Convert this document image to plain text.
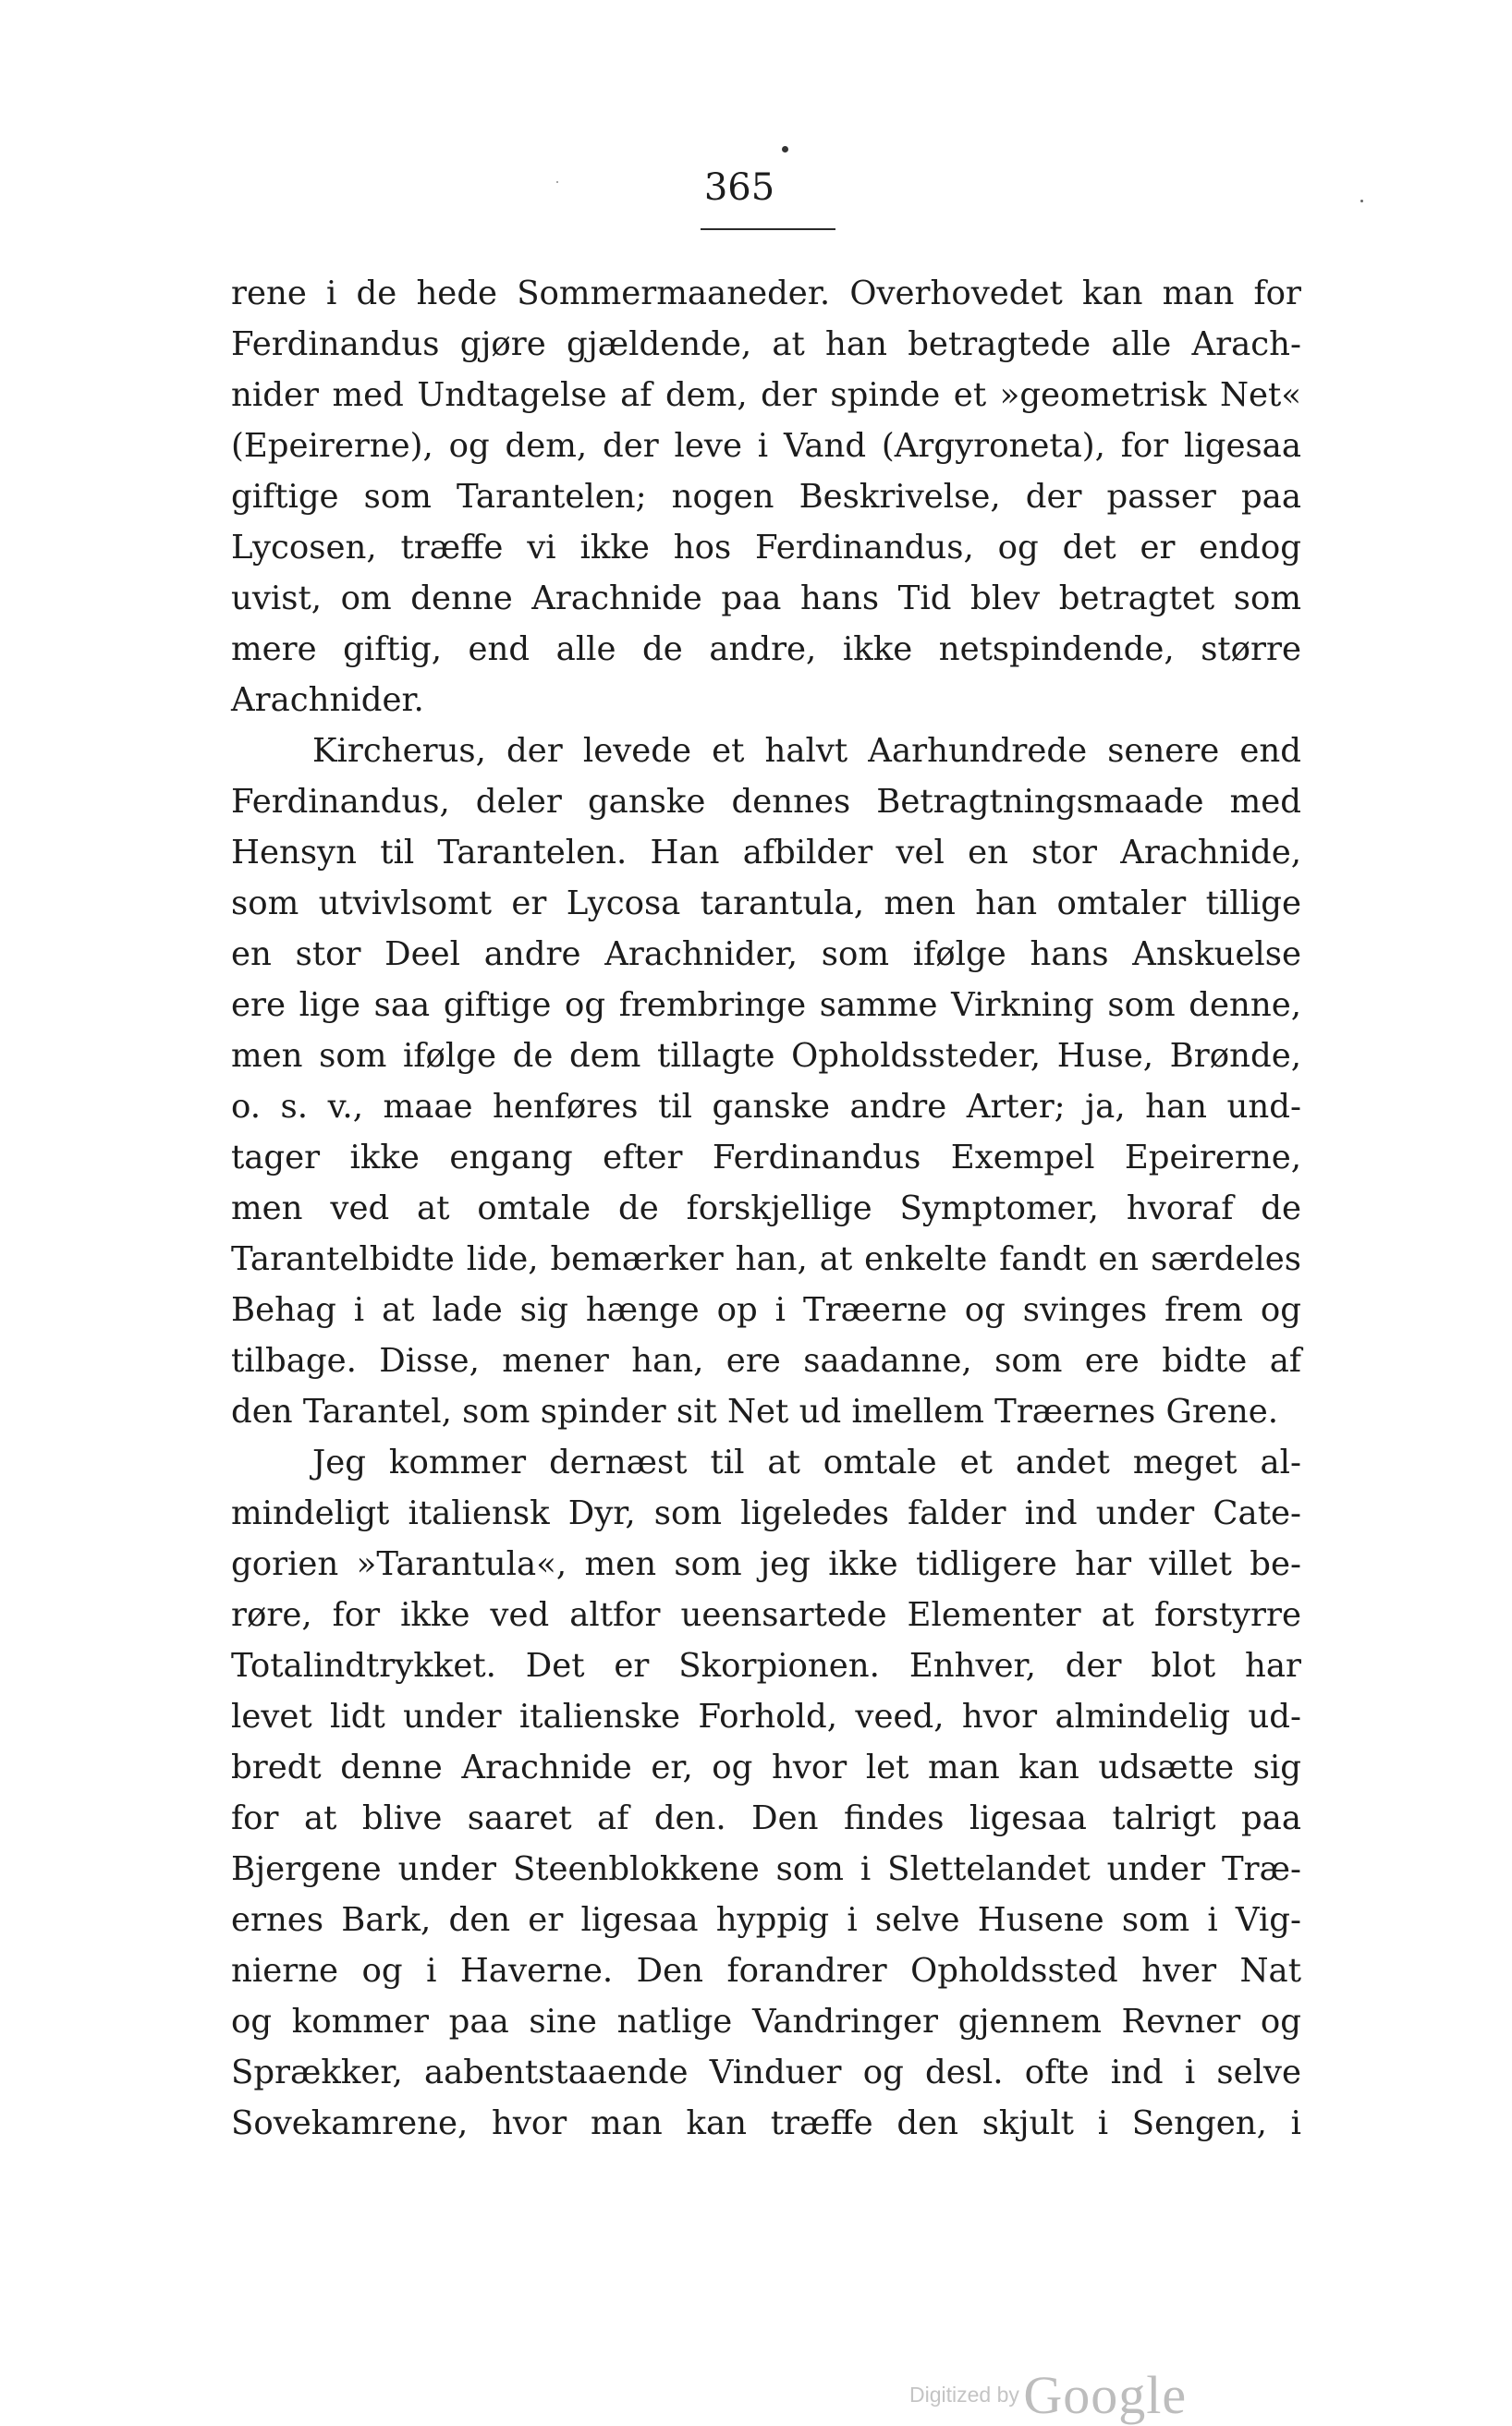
365
rene i de hede Sommermaaneder. Overhovedet kan man for
Ferdinandus gjøre gjældende, at han betragtede alle Arach-
nider med Undtagelse af dem, der spinde et »geometrisk Net«
(Epeirerne), og dem, der leve i Vand (Argyroneta), for ligesaa
giftige som Tarantelen; nogen Beskrivelse, der passer paa
Lycosen, træffe vi ikke hos Ferdinandus, og det er endog
uvist, om denne Arachnide paa hans Tid blev betragtet som
mere giftig, end alle de andre, ikke netspindende, større
Arachnider.
Kircherus, der levede et halvt Aarhundrede senere end
Ferdinandus, deler ganske dennes Betragtningsmaade med
Hensyn til Tarantelen. Han afbilder vel en stor Arachnide,
som utvivlsomt er Lycosa tarantula, men han omtaler tillige
en stor Deel andre Arachnider, som ifølge hans Anskuelse
ere lige saa giftige og frembringe samme Virkning som denne,
men som ifølge de dem tillagte Opholdssteder, Huse, Brønde,
o. s. v., maae henføres til ganske andre Arter; ja, han und-
tager ikke engang efter Ferdinandus Exempel Epeirerne,
men ved at omtale de forskjellige Symptomer, hvoraf de
Tarantelbidte lide, bemærker han, at enkelte fandt en særdeles
Behag i at lade sig hænge op i Træerne og svinges frem og
tilbage. Disse, mener han, ere saadanne, som ere bidte af
den Tarantel, som spinder sit Net ud imellem Træernes Grene.
Jeg kommer dernæst til at omtale et andet meget al-
mindeligt italiensk Dyr, som ligeledes falder ind under Cate-
gorien »Tarantula«, men som jeg ikke tidligere har villet be-
røre, for ikke ved altfor ueensartede Elementer at forstyrre
Totalindtrykket. Det er Skorpionen. Enhver, der blot har
levet lidt under italienske Forhold, veed, hvor almindelig ud-
bredt denne Arachnide er, og hvor let man kan udsætte sig
for at blive saaret af den. Den findes ligesaa talrigt paa
Bjergene under Steenblokkene som i Slettelandet under Træ-
ernes Bark, den er ligesaa hyppig i selve Husene som i Vig-
nierne og i Haverne. Den forandrer Opholdssted hver Nat
og kommer paa sine natlige Vandringer gjennem Revner og
Sprækker, aabentstaaende Vinduer og desl. ofte ind i selve
Sovekamrene, hvor man kan træffe den skjult i Sengen, i
Digitized by Google
